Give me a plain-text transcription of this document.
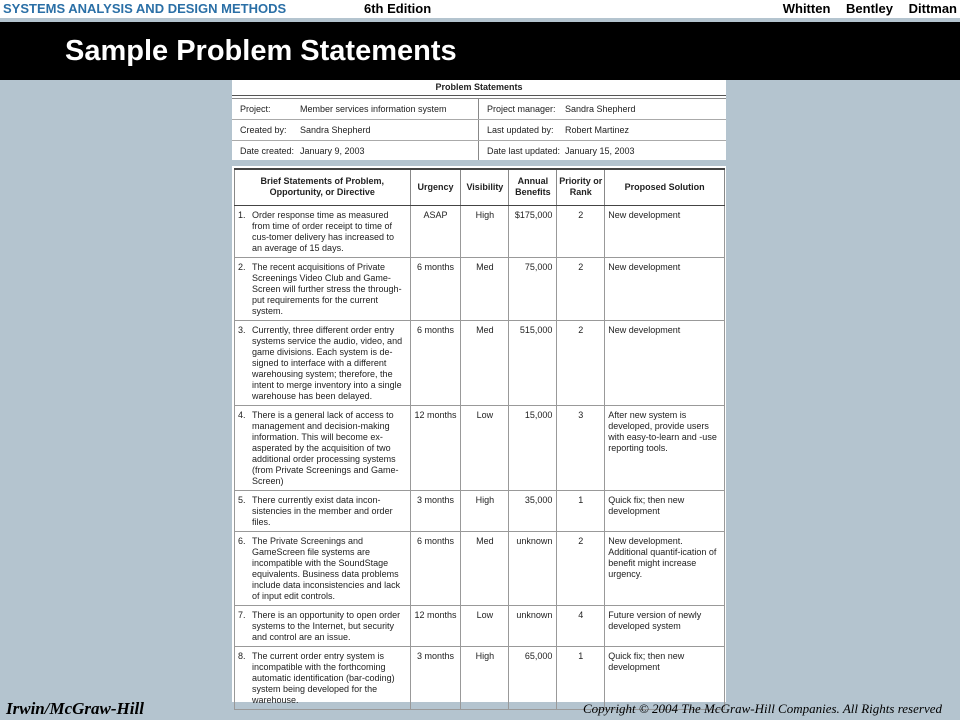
SYSTEMS ANALYSIS AND DESIGN METHODS	6th Edition	Whitten Bentley Dittman
Sample Problem Statements
Problem Statements
Project:	Member services information system	Project manager:	Sandra Shepherd
Created by:	Sandra Shepherd	Last updated by:	Robert Martinez
Date created: January 9, 2003	Date last updated: January 15, 2003
Brief Statements of Problem, Opportunity, or Directive	Urgency	Visibility	Annual Benefits	Priority or Rank	Proposed Solution

1. Order response time as measured from time of order receipt to time of cus-tomer delivery has increased to an average of 15 days.	ASAP	High	$175,000	2	New development

2. The recent acquisitions of Private Screenings Video Club and Game-Screen will further stress the through-put requirements for the current system.	6 months	Med	75,000	2	New development

3. Currently, three different order entry systems service the audio, video, and game divisions. Each system is de-signed to interface with a different warehousing system; therefore, the intent to merge inventory into a single warehouse has been delayed.	6 months	Med	515,000	2	New development

4. There is a general lack of access to management and decision-making information. This will become ex-asperated by the acquisition of two additional order processing systems (from Private Screenings and Game-Screen)	12 months	Low	15,000	3	After new system is developed, provide users with easy-to-learn and -use reporting tools.

5. There currently exist data incon-sistencies in the member and order files.	3 months	High	35,000	1	Quick fix; then new development

6. The Private Screenings and GameScreen file systems are incompatible with the SoundStage equivalents. Business data problems include data inconsistencies and lack of input edit controls.	6 months	Med	unknown	2	New development. Additional quantif-ication of benefit might increase urgency.

7. There is an opportunity to open order systems to the Internet, but security and control are an issue.	12 months	Low	unknown	4	Future version of newly developed system

8. The current order entry system is incompatible with the forthcoming automatic identification (bar-coding) system being developed for the warehouse.	3 months	High	65,000	1	Quick fix; then new development
Irwin/McGraw-Hill	Copyright © 2004 The McGraw-Hill Companies. All Rights reserved
